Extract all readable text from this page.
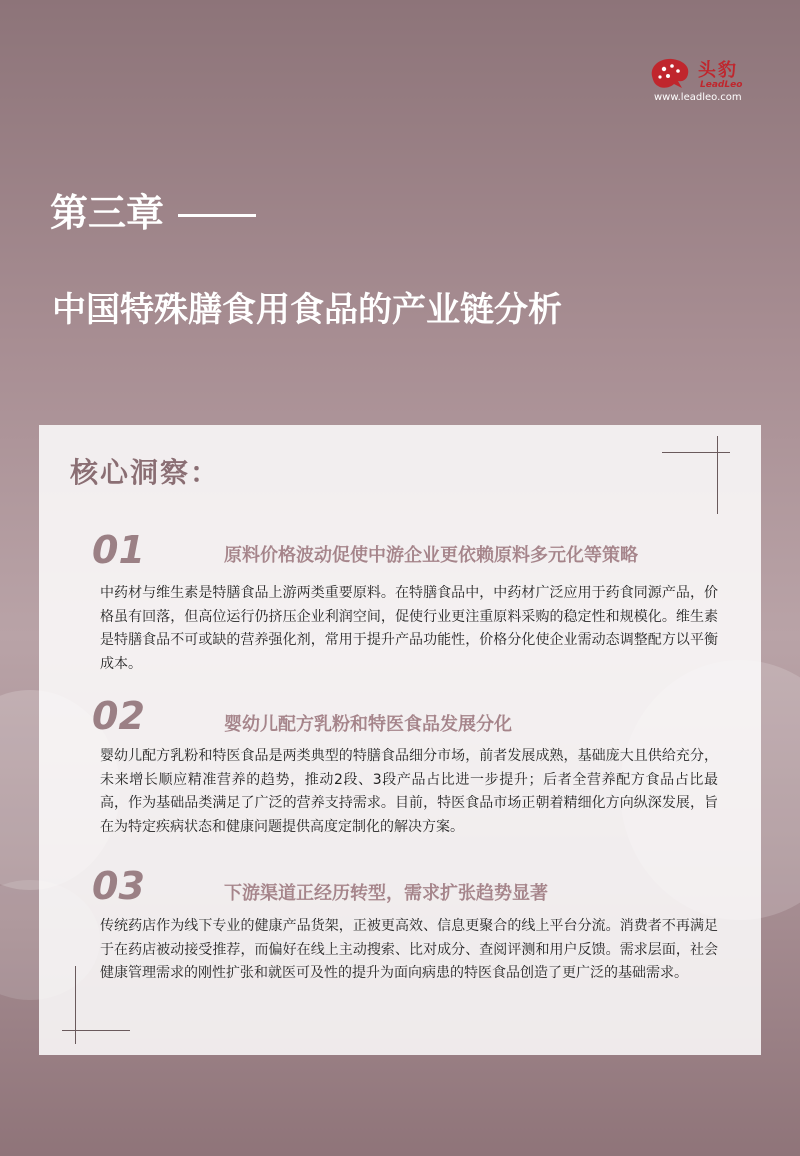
头豹
LeadLeo
www.leadleo.com
第三章
中国特殊膳食用食品的产业链分析
核心洞察：
01	原料价格波动促使中游企业更依赖原料多元化等策略
中药材与维生素是特膳食品上游两类重要原料。在特膳食品中，中药材广泛应用于药食同源产品，价格虽有回落，但高位运行仍挤压企业利润空间，促使行业更注重原料采购的稳定性和规模化。维生素是特膳食品不可或缺的营养强化剂，常用于提升产品功能性，价格分化使企业需动态调整配方以平衡成本。
02	婴幼儿配方乳粉和特医食品发展分化
婴幼儿配方乳粉和特医食品是两类典型的特膳食品细分市场，前者发展成熟，基础庞大且供给充分，未来增长顺应精准营养的趋势，推动2段、3段产品占比进一步提升；后者全营养配方食品占比最高，作为基础品类满足了广泛的营养支持需求。目前，特医食品市场正朝着精细化方向纵深发展，旨在为特定疾病状态和健康问题提供高度定制化的解决方案。
03	下游渠道正经历转型，需求扩张趋势显著
传统药店作为线下专业的健康产品货架，正被更高效、信息更聚合的线上平台分流。消费者不再满足于在药店被动接受推荐，而偏好在线上主动搜索、比对成分、查阅评测和用户反馈。需求层面，社会健康管理需求的刚性扩张和就医可及性的提升为面向病患的特医食品创造了更广泛的基础需求。
